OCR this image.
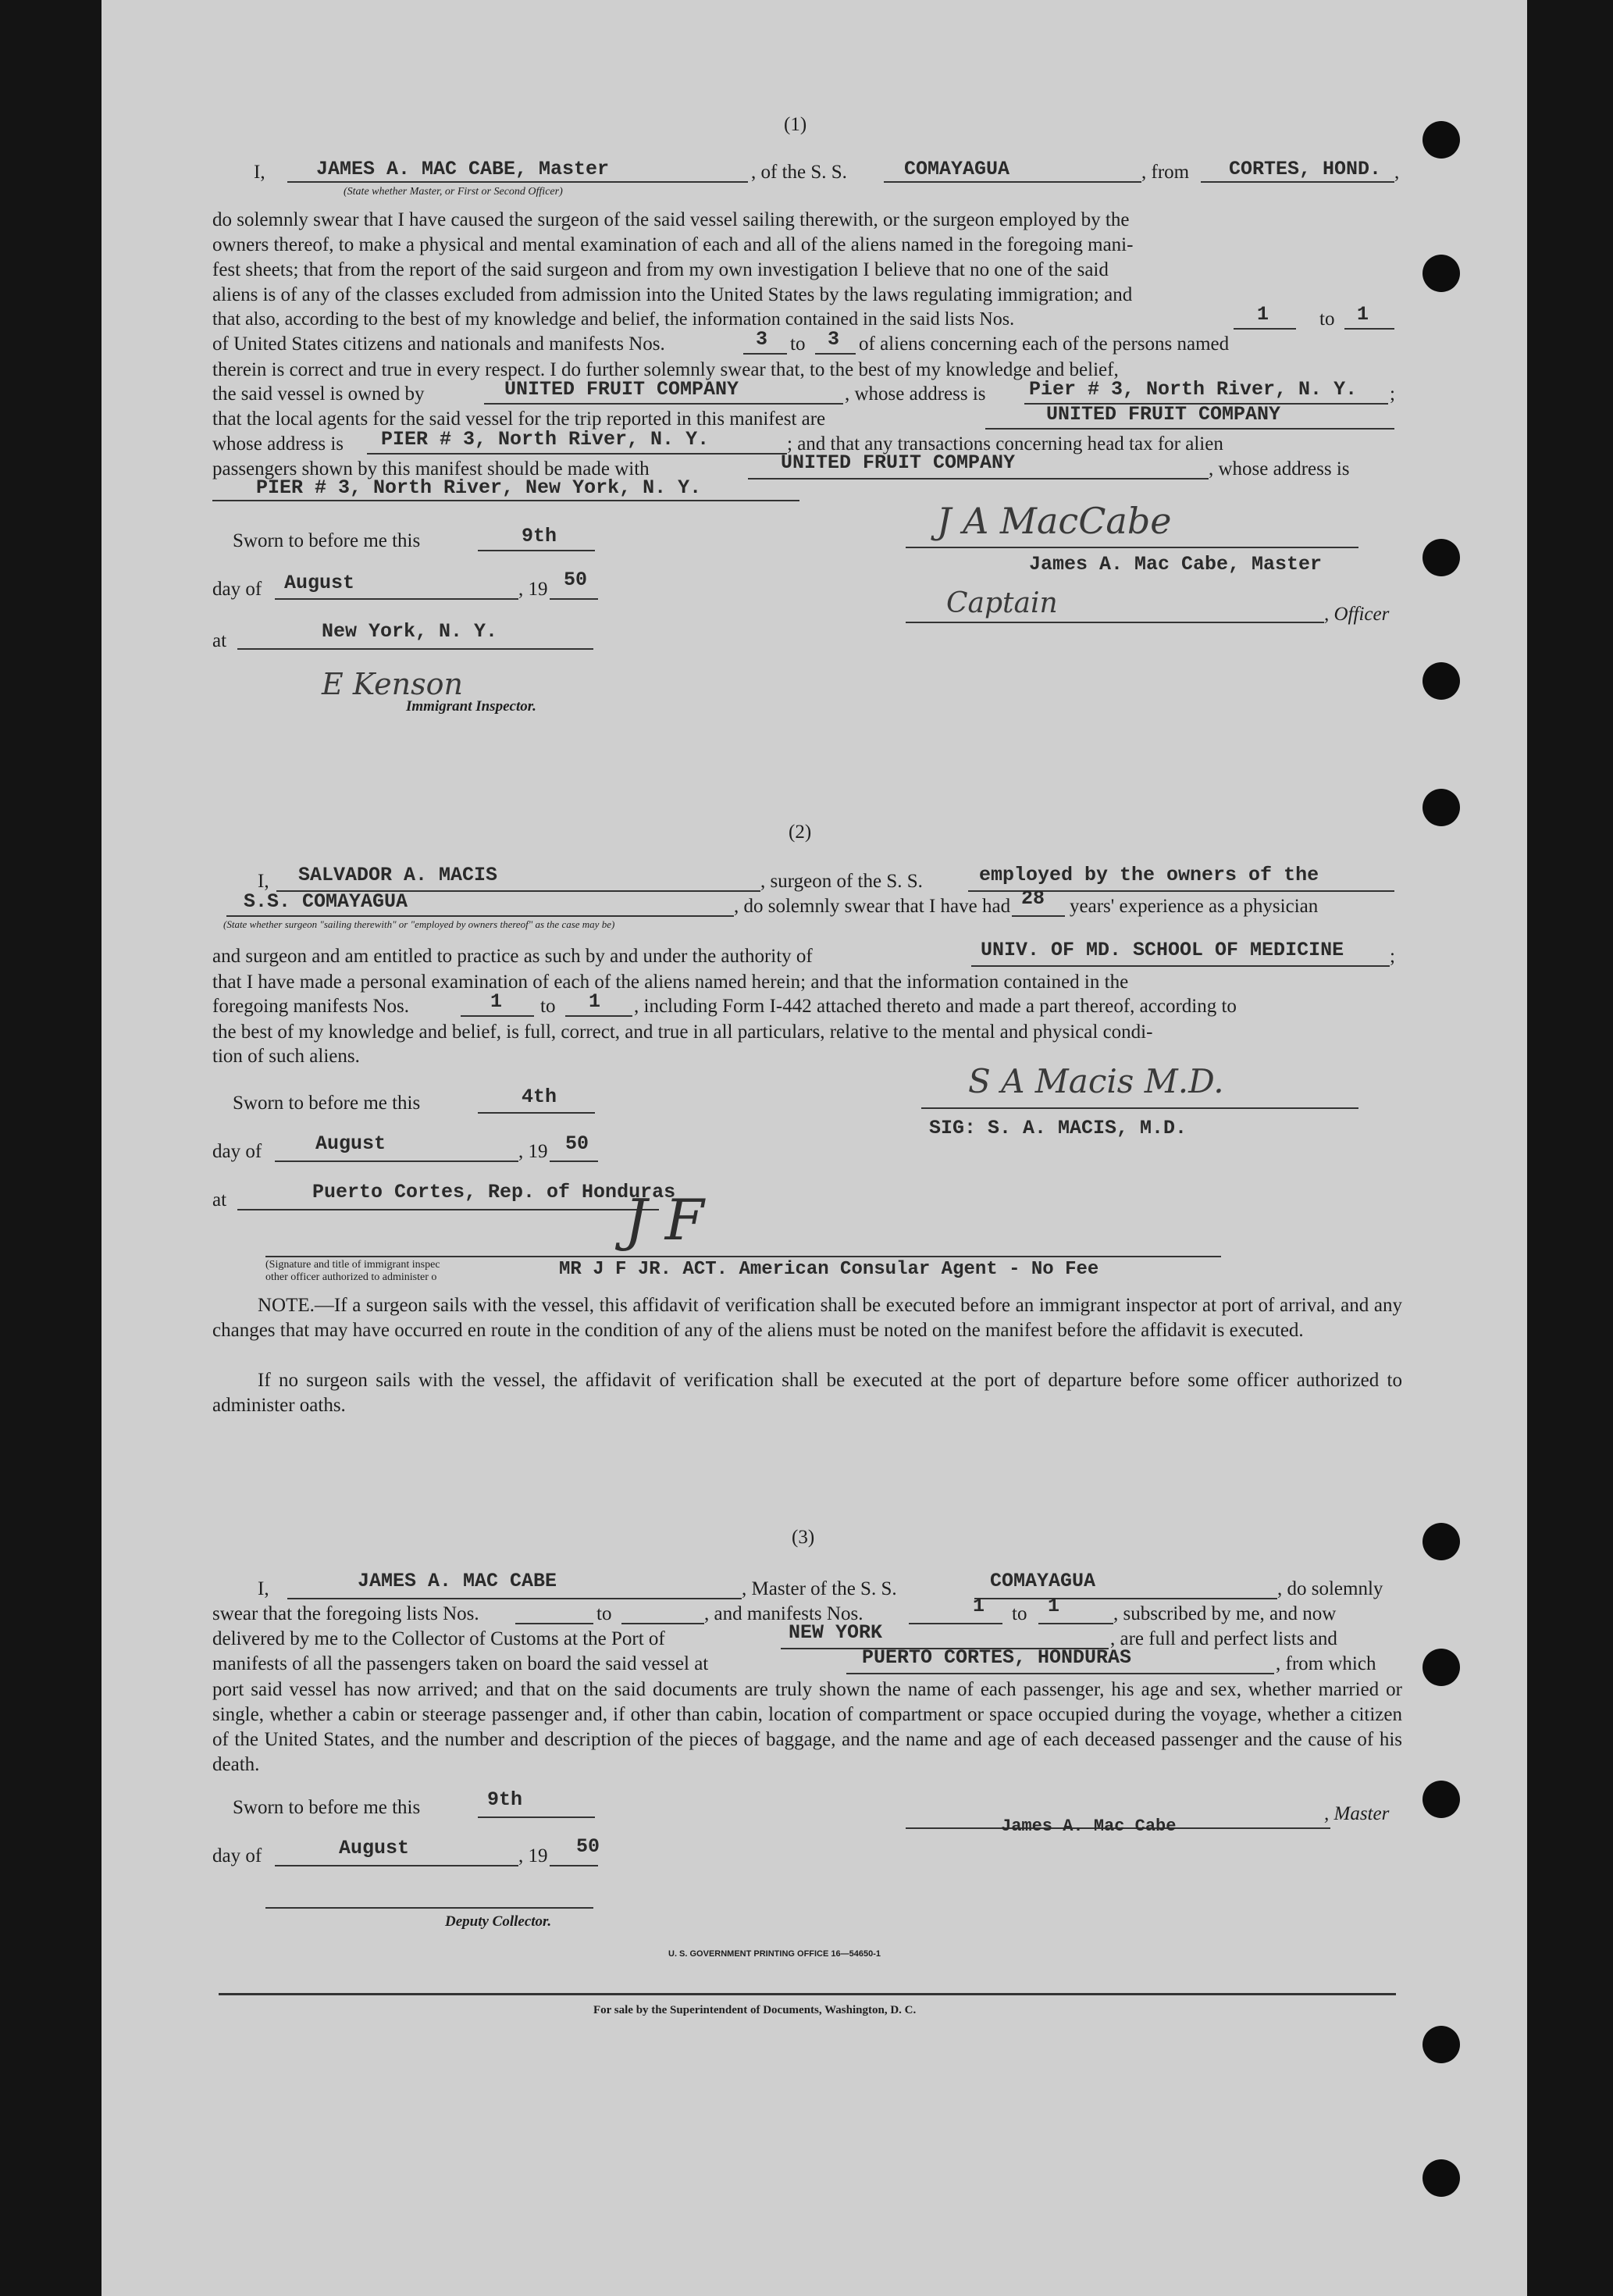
(1)
I,	JAMES A. MAC CABE, Master
(State whether Master, or First or Second Officer)
, of the S. S.	COMAYAGUA	, from CORTES, HOND. ,
do solemnly swear that I have caused the surgeon of the said vessel sailing therewith, or the surgeon employed by the
owners thereof, to make a physical and mental examination of each and all of the aliens named in the foregoing mani-
fest sheets; that from the report of the said surgeon and from my own investigation I believe that no one of the said
aliens is of any of the classes excluded from admission into the United States by the laws regulating immigration; and
that also, according to the best of my knowledge and belief, the information contained in the said lists Nos.	1	to 1
of United States citizens and nationals and manifests Nos.	3 to 3 of aliens concerning each of the persons named
therein is correct and true in every respect. I do further solemnly swear that, to the best of my knowledge and belief,
the said vessel is owned by	UNITED FRUIT COMPANY	, whose address is Pier # 3, North River, N. Y. ;
that the local agents for the said vessel for the trip reported in this manifest are	UNITED FRUIT COMPANY
whose address is PIER # 3, North River, N. Y.	; and that any transactions concerning head tax for alien
passengers shown by this manifest should be made with	UNITED FRUIT COMPANY	, whose address is
PIER # 3, North River, New York, N. Y.
Sworn to before me this	9th
day of August	, 19 50
at	New York, N. Y.
E Kenson
Immigrant Inspector.
J A MacCabe
James A. Mac Cabe, Master
Captain	, Officer
(2)
I, SALVADOR A. MACIS	, surgeon of the S. S.	employed by the owners of the
S.S. COMAYAGUA	, do solemnly swear that I have had 28 years' experience as a physician
(State whether surgeon "sailing therewith" or "employed by owners thereof" as the case may be)
and surgeon and am entitled to practice as such by and under the authority of	UNIV. OF MD. SCHOOL OF MEDICINE ;
that I have made a personal examination of each of the aliens named herein; and that the information contained in the
foregoing manifests Nos.	1 to 1 , including Form I-442 attached thereto and made a part thereof, according to
the best of my knowledge and belief, is full, correct, and true in all particulars, relative to the mental and physical condi-
tion of such aliens.
Sworn to before me this	4th
day of	August	, 19 50
at	Puerto Cortes, Rep. of Honduras
S A Macis M.D.
SIG: S. A. MACIS, M.D.
J F
(Signature and title of immigrant inspec
other officer authorized to administer o	MR J F JR. ACT. American Consular Agent - No Fee
NOTE.—If a surgeon sails with the vessel, this affidavit of verification shall be executed before an immigrant inspector at port of arrival, and any changes that may have occurred en route in the condition of any of the aliens must be noted on the manifest before the affidavit is executed.
If no surgeon sails with the vessel, the affidavit of verification shall be executed at the port of departure before some officer authorized to administer oaths.
(3)
I,	JAMES A. MAC CABE	, Master of the S. S.	COMAYAGUA	, do solemnly
swear that the foregoing lists Nos.	to	, and manifests Nos.	1 to 1	, subscribed by me, and now
delivered by me to the Collector of Customs at the Port of	NEW YORK	, are full and perfect lists and
manifests of all the passengers taken on board the said vessel at	PUERTO CORTES, HONDURAS	, from which
port said vessel has now arrived; and that on the said documents are truly shown the name of each passenger, his age and sex, whether married or single, whether a cabin or steerage passenger and, if other than cabin, location of compartment or space occupied during the voyage, whether a citizen of the United States, and the number and description of the pieces of baggage, and the name and age of each deceased passenger and the cause of his death.
Sworn to before me this	9th
day of	August	, 19 50
, Master
James A. Mac Cabe
Deputy Collector.
U. S. GOVERNMENT PRINTING OFFICE 16—54650-1
For sale by the Superintendent of Documents, Washington, D. C.
